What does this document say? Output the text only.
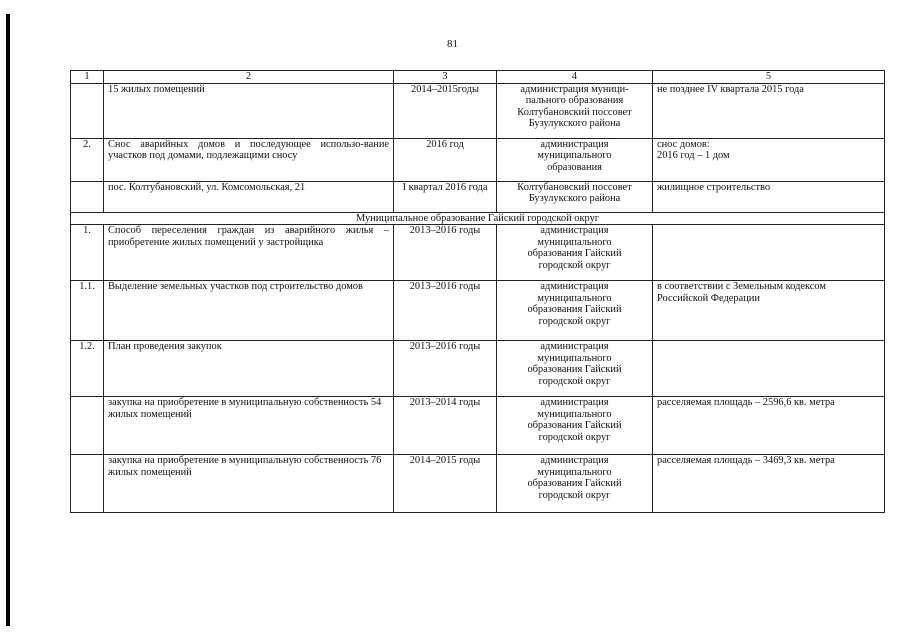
81
1	2	3	4	5
	15 жилых помещений	2014–2015годы	администрация муници-
пального образования
Колтубановский поссовет
Бузулукского района	не позднее IV квартала 2015 года

2.	Снос аварийных домов и последующее использо-вание участков под домами, подлежащими сносу	2016 год	администрация
муниципального
образования	снос домов:
2016 год – 1 дом

	пос. Колтубановский, ул. Комсомольская, 21	I квартал 2016 года	Колтубановский поссовет
Бузулукского района	жилищное строительство

Муниципальное образование Гайский городской округ				
1.	Способ переселения граждан из аварийного жилья – приобретение жилых помещений у застройщика	2013–2016 годы	администрация
муниципального
образования Гайский
городской округ	

1.1.	Выделение земельных участков под строительство домов	2013–2016 годы	администрация
муниципального
образования Гайский
городской округ	в соответствии с Земельным кодексом
Российской Федерации

1.2.	План проведения закупок	2013–2016 годы	администрация
муниципального
образования Гайский
городской округ	

	закупка на приобретение в муниципальную собственность 54 жилых помещений	2013–2014 годы	администрация
муниципального
образования Гайский
городской округ	расселяемая площадь – 2596,6 кв. метра

	закупка на приобретение в муниципальную собственность 76 жилых помещений	2014–2015 годы	администрация
муниципального
образования Гайский
городской округ	расселяемая площадь – 3469,3 кв. метра
